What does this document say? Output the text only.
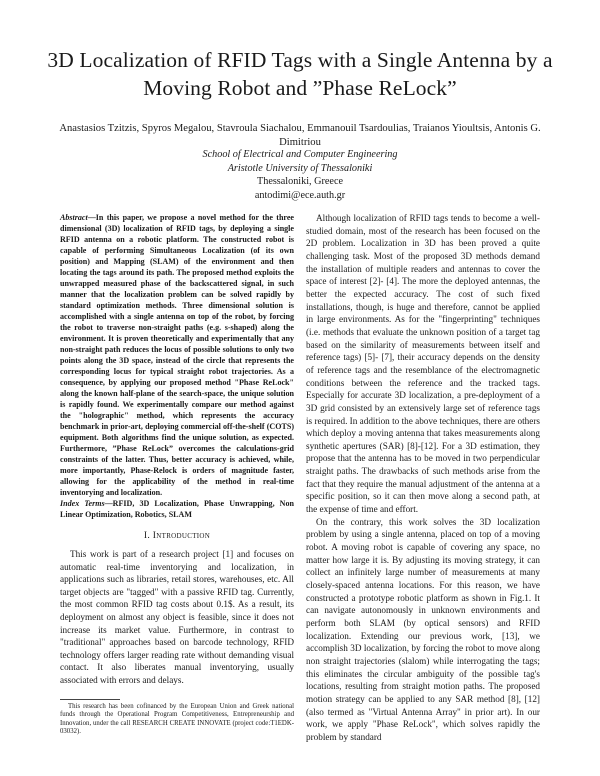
3D Localization of RFID Tags with a Single Antenna by a Moving Robot and ”Phase ReLock”
Anastasios Tzitzis, Spyros Megalou, Stavroula Siachalou, Emmanouil Tsardoulias, Traianos Yioultsis, Antonis G. Dimitriou
School of Electrical and Computer Engineering
Aristotle University of Thessaloniki
Thessaloniki, Greece
antodimi@ece.auth.gr
Abstract—In this paper, we propose a novel method for the three dimensional (3D) localization of RFID tags, by deploying a single RFID antenna on a robotic platform. The constructed robot is capable of performing Simultaneous Localization (of its own position) and Mapping (SLAM) of the environment and then locating the tags around its path. The proposed method exploits the unwrapped measured phase of the backscattered signal, in such manner that the localization problem can be solved rapidly by standard optimization methods. Three dimensional solution is accomplished with a single antenna on top of the robot, by forcing the robot to traverse non-straight paths (e.g. s-shaped) along the environment. It is proven theoretically and experimentally that any non-straight path reduces the locus of possible solutions to only two points along the 3D space, instead of the circle that represents the corresponding locus for typical straight robot trajectories. As a consequence, by applying our proposed method "Phase ReLock" along the known half-plane of the search-space, the unique solution is rapidly found. We experimentally compare our method against the "holographic" method, which represents the accuracy benchmark in prior-art, deploying commercial off-the-shelf (COTS) equipment. Both algorithms find the unique solution, as expected. Furthermore, ”Phase ReLock” overcomes the calculations-grid constraints of the latter. Thus, better accuracy is achieved, while, more importantly, Phase-Relock is orders of magnitude faster, allowing for the applicability of the method in real-time inventorying and localization.
Index Terms—RFID, 3D Localization, Phase Unwrapping, Non Linear Optimization, Robotics, SLAM
I. Introduction

This work is part of a research project [1] and focuses on automatic real-time inventorying and localization, in applications such as libraries, retail stores, warehouses, etc. All target objects are "tagged" with a passive RFID tag. Currently, the most common RFID tag costs about 0.1$. As a result, its deployment on almost any object is feasible, since it does not increase its market value. Furthermore, in contrast to "traditional" approaches based on barcode technology, RFID technology offers larger reading rate without demanding visual contact. It also liberates manual inventorying, usually associated with errors and delays.

This research has been cofinanced by the European Union and Greek national funds through the Operational Program Competitiveness, Entrepreneurship and Innovation, under the call RESEARCH CREATE INNOVATE (project code:T1EDK-03032).

Although localization of RFID tags tends to become a well-studied domain, most of the research has been focused on the 2D problem. Localization in 3D has been proved a quite challenging task. Most of the proposed 3D methods demand the installation of multiple readers and antennas to cover the space of interest [2]- [4]. The more the deployed antennas, the better the expected accuracy. The cost of such fixed installations, though, is huge and therefore, cannot be applied in large environments. As for the "fingerprinting" techniques (i.e. methods that evaluate the unknown position of a target tag based on the similarity of measurements between itself and reference tags) [5]- [7], their accuracy depends on the density of reference tags and the resemblance of the electromagnetic conditions between the reference and the tracked tags. Especially for accurate 3D localization, a pre-deployment of a 3D grid consisted by an extensively large set of reference tags is required. In addition to the above techniques, there are others which deploy a moving antenna that takes measurements along synthetic apertures (SAR) [8]-[12]. For a 3D estimation, they propose that the antenna has to be moved in two perpendicular straight paths. The drawbacks of such methods arise from the fact that they require the manual adjustment of the antenna at a specific position, so it can then move along a second path, at the expense of time and effort.

On the contrary, this work solves the 3D localization problem by using a single antenna, placed on top of a moving robot. A moving robot is capable of covering any space, no matter how large it is. By adjusting its moving strategy, it can collect an infinitely large number of measurements at many closely-spaced antenna locations. For this reason, we have constructed a prototype robotic platform as shown in Fig.1. It can navigate autonomously in unknown environments and perform both SLAM (by optical sensors) and RFID localization. Extending our previous work, [13], we accomplish 3D localization, by forcing the robot to move along non straight trajectories (slalom) while interrogating the tags; this eliminates the circular ambiguity of the possible tag's locations, resulting from straight motion paths. The proposed motion strategy can be applied to any SAR method [8], [12] (also termed as "Virtual Antenna Array" in prior art). In our work, we apply "Phase ReLock", which solves rapidly the problem by standard
